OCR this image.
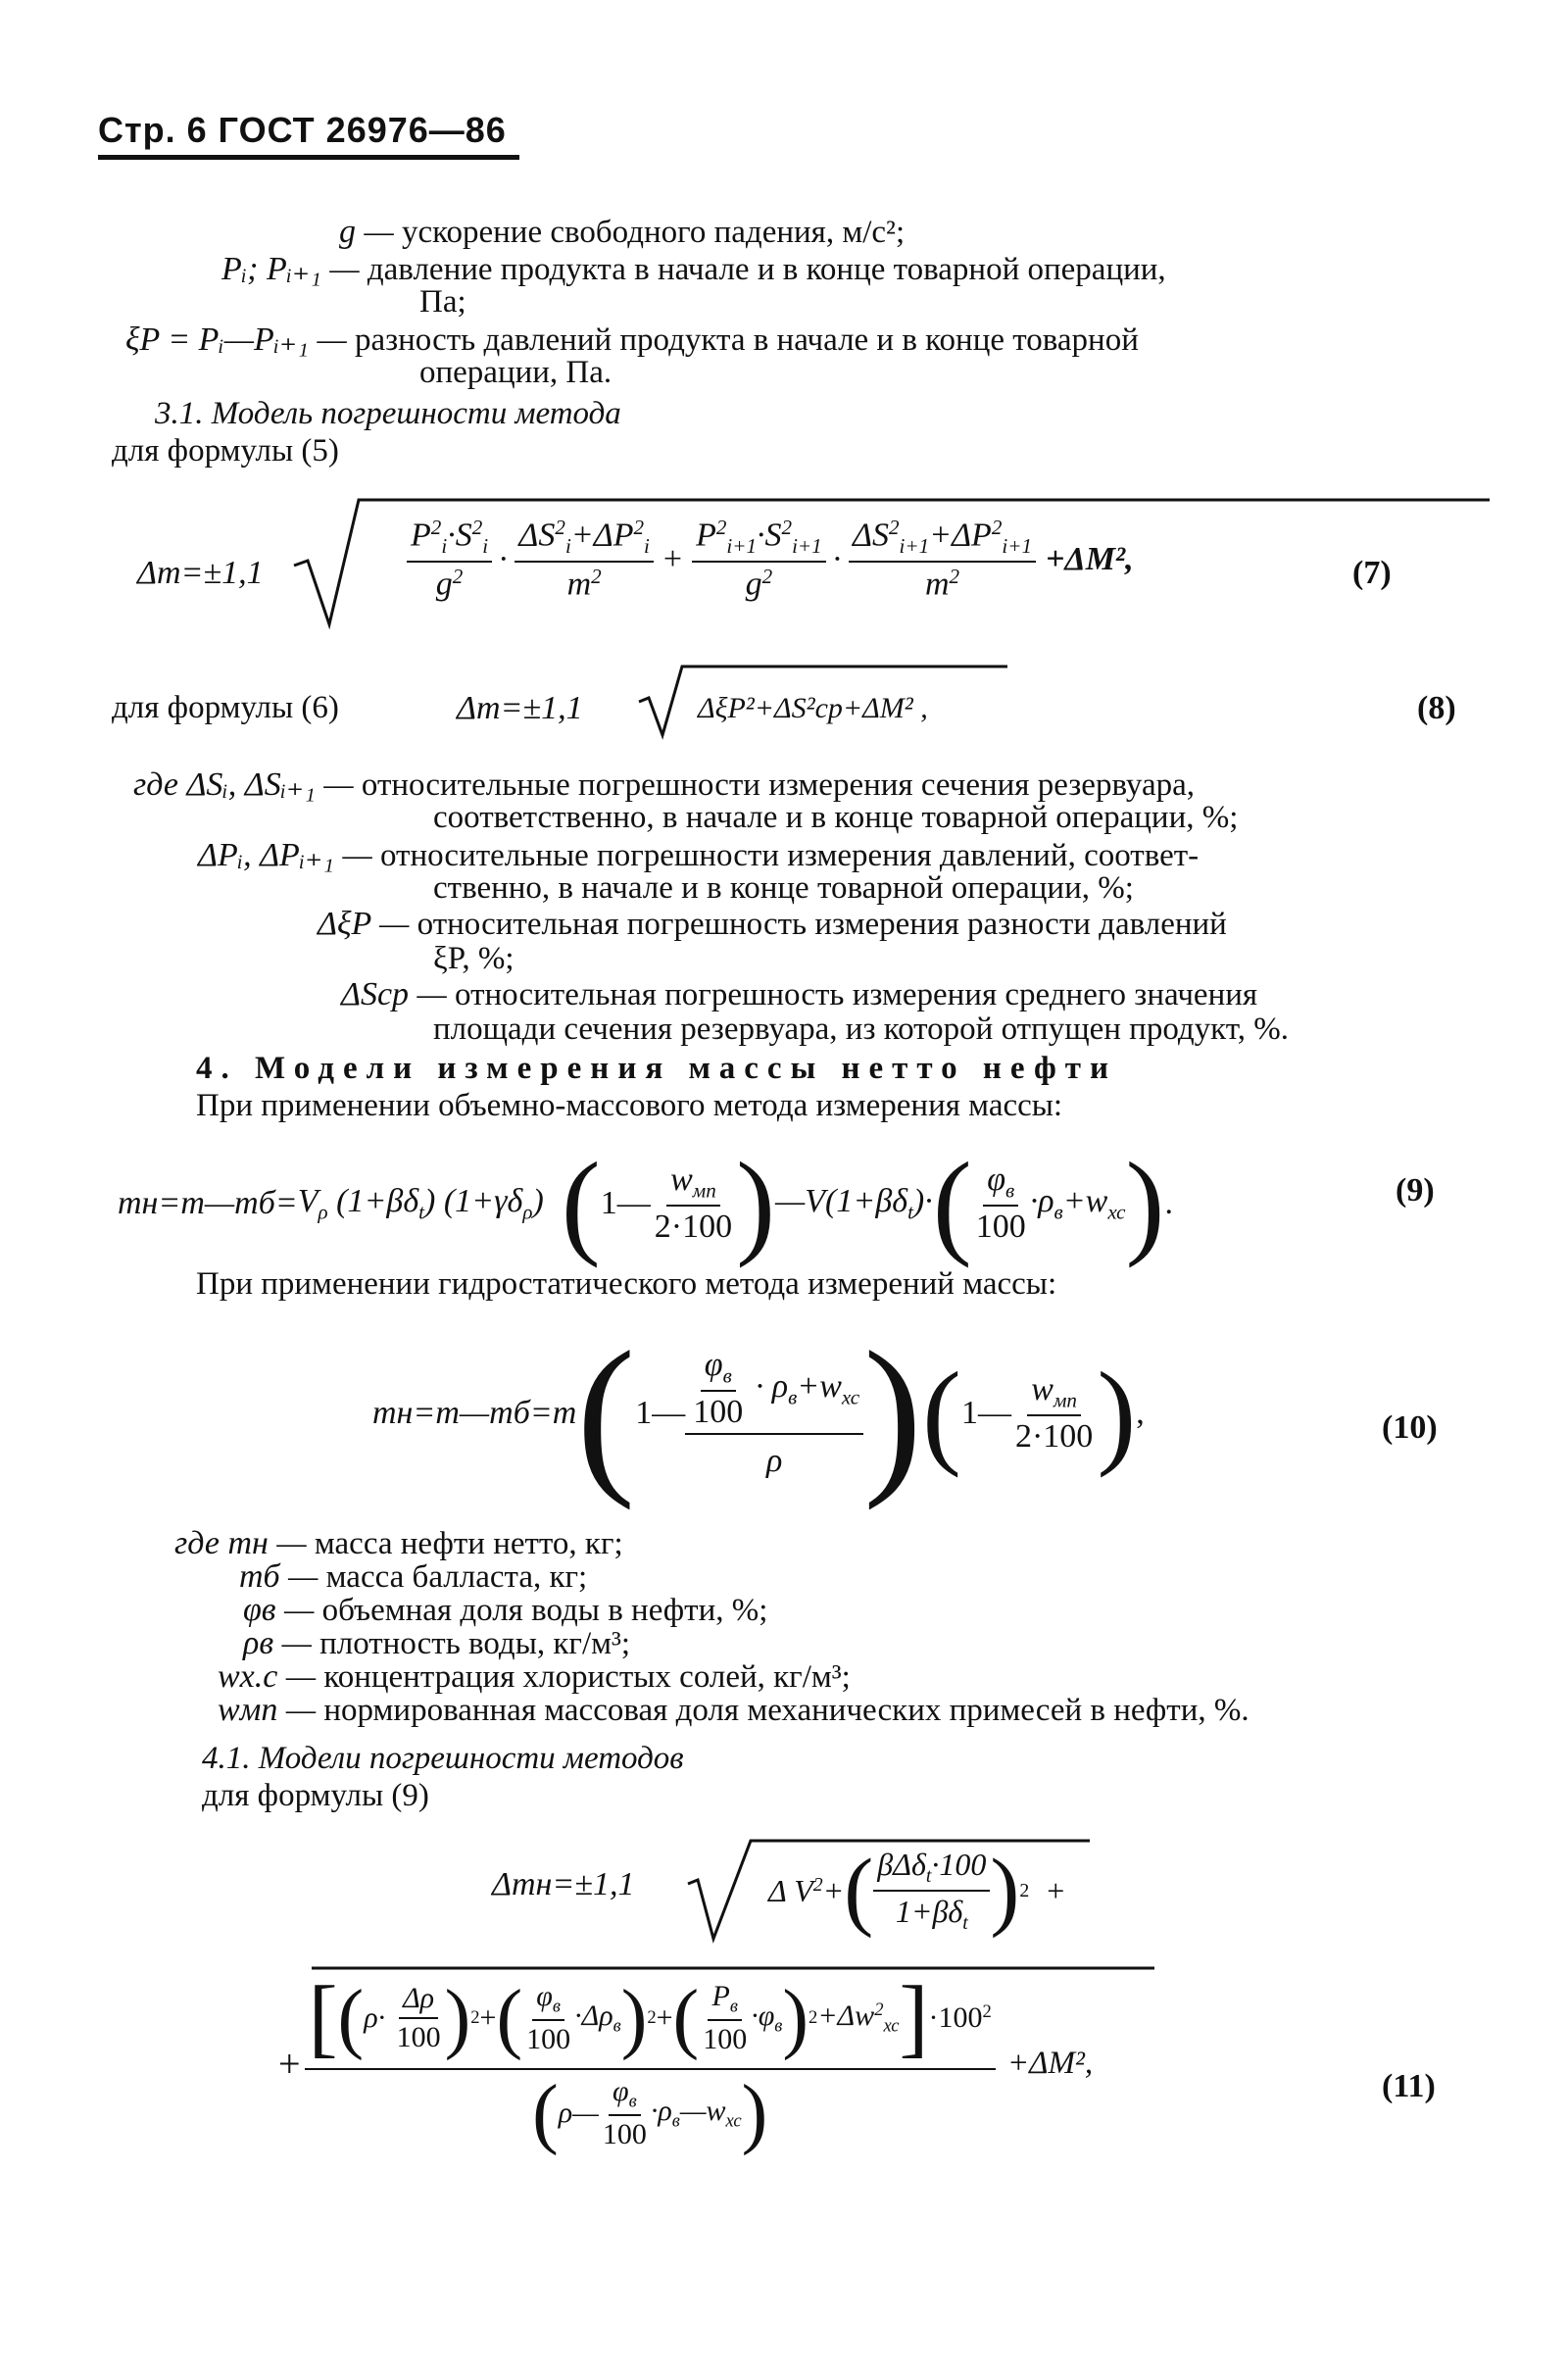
Стр. 6 ГОСТ 26976—86
g — ускорение свободного падения, м/с²;
Pᵢ; Pᵢ₊₁ — давление продукта в начале и в конце товарной операции,
Па;
ξP = Pᵢ—Pᵢ₊₁ — разность давлений продукта в начале и в конце товарной
операции, Па.
3.1. Модель погрешности метода
для формулы (5)
Δm=±1,1	$\frac{P^2_i\cdot S^2_i}{g^2} \cdot \frac{\Delta S^2_i+\Delta P^2_i}{m^2} + \frac{P^2_{i+1}\cdot S^2_{i+1}}{g^2} \cdot \frac{\Delta S^2_{i+1}+\Delta P^2_{i+1}}{m^2} +\Delta M^2$,	(7)
для формулы (6)	Δm=±1,1	ΔξP²+ΔS²ср+ΔM² ,	(8)
где ΔSᵢ, ΔSᵢ₊₁ — относительные погрешности измерения сечения резервуара,
соответственно, в начале и в конце товарной операции, %;
ΔPᵢ, ΔPᵢ₊₁ — относительные погрешности измерения давлений, соответ-
ственно, в начале и в конце товарной операции, %;
ΔξP — относительная погрешность измерения разности давлений
ξP, %;
ΔSср — относительная погрешность измерения среднего значения
площади сечения резервуара, из которой отпущен продукт, %.
4. Модели измерения массы нетто нефти
При применении объемно-массового метода измерения массы:
mн=m—mб= $V_\rho$ $(1+\beta\delta_t)$ $(1+\gamma\delta_\rho)$ ( 1— $\frac{w_{мп}}{2\cdot 100}$ ) $—V(1+\beta\delta_t)\cdot$ ( $\frac{\varphi_в}{100} \cdot\rho_в+w_{хс}$ ) .	(9)
При применении гидростатического метода измерений массы:
mн=m—mб=m ( 1— $\frac{\frac{\varphi_в}{100} \cdot \rho_в+w_{хс}}{\rho}$ ) ( 1— $\frac{w_{мп}}{2\cdot 100}$ ) ,	(10)
где mн — масса нефти нетто, кг;
mб — масса балласта, кг;
φв — объемная доля воды в нефти, %;
ρв — плотность воды, кг/м³;
wх.с — концентрация хлористых солей, кг/м³;
wмп — нормированная массовая доля механических примесей в нефти, %.
4.1. Модели погрешности методов
для формулы (9)
Δmн=±1,1	Δ $V^2+$ ( $\frac{\beta\Delta\delta_t\cdot 100}{1+\beta\delta_t}$ ) 2 +
+ [ ( $\rho\cdot \frac{\Delta\rho}{100}$ ) 2 + ( $\frac{\varphi_в}{100} \cdot\Delta\rho_в$ ) 2 + ( $\frac{P_в}{100} \cdot\varphi_в$ ) $2 +\Delta w^2_{хс}$ ] $\cdot 100^2$
( ρ— $\frac{\varphi_в}{100}$ $\cdot\rho_в—w_{хс}$ )
+ΔM²,
(11)
